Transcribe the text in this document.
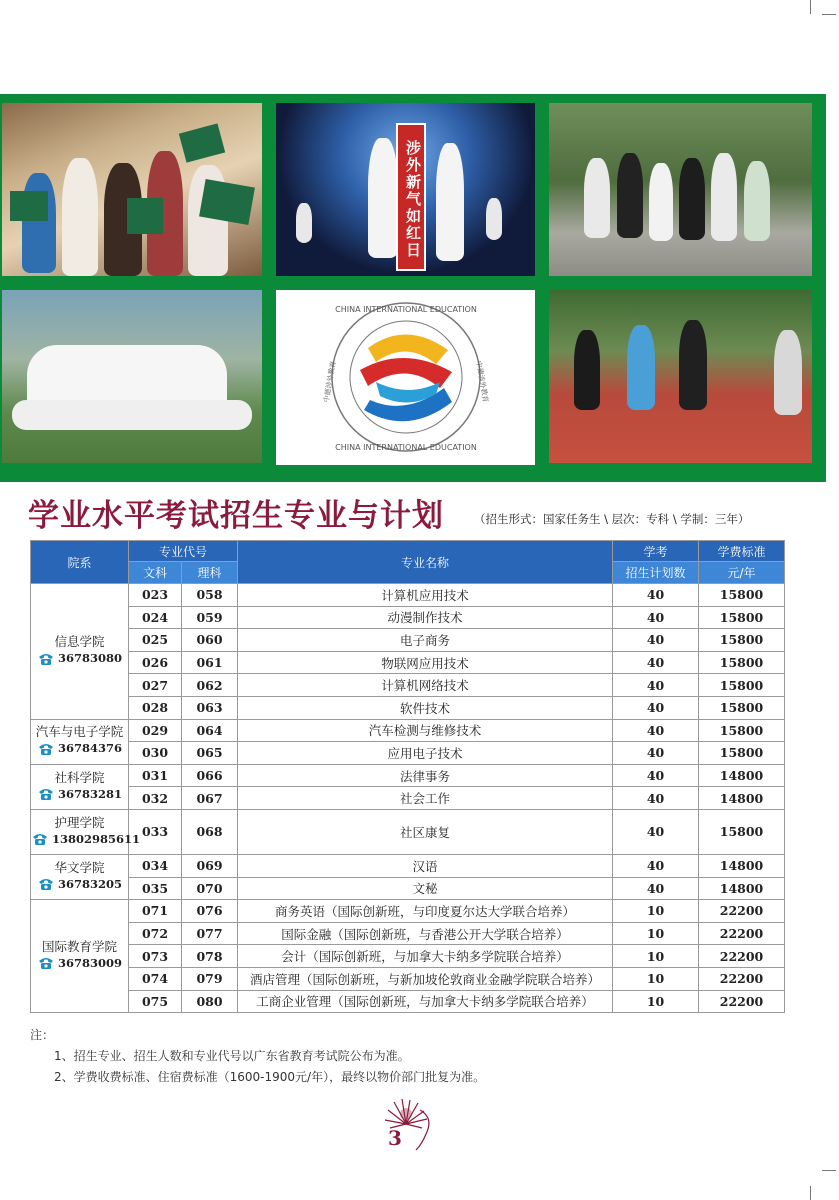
涉外新气如红日
CHINA INTERNATIONAL EDUCATION
CHINA INTERNATIONAL EDUCATION
中德涉外教育	中德涉外教育
学业水平考试招生专业与计划	（招生形式：国家任务生 \ 层次：专科 \ 学制：三年）
院系	专业代号		专业名称	学考	学费标准
	文科	理科		招生计划数	元/年

信息学院
36783080	023	058	计算机应用技术	40	15800
	024	059	动漫制作技术	40	15800
	025	060	电子商务	40	15800
	026	061	物联网应用技术	40	15800
	027	062	计算机网络技术	40	15800
	028	063	软件技术	40	15800

汽车与电子学院
36784376	029	064	汽车检测与维修技术	40	15800
	030	065	应用电子技术	40	15800

社科学院
36783281	031	066	法律事务	40	14800
	032	067	社会工作	40	14800

护理学院
13802985611	033	068	社区康复	40	15800

华文学院
36783205	034	069	汉语	40	14800
	035	070	文秘	40	14800

国际教育学院
36783009	071	076	商务英语（国际创新班，与印度夏尔达大学联合培养）	10	22200
	072	077	国际金融（国际创新班，与香港公开大学联合培养）	10	22200
	073	078	会计（国际创新班，与加拿大卡纳多学院联合培养）	10	22200
	074	079	酒店管理（国际创新班，与新加坡伦敦商业金融学院联合培养）	10	22200
	075	080	工商企业管理（国际创新班，与加拿大卡纳多学院联合培养）	10	22200
注：
1、招生专业、招生人数和专业代号以广东省教育考试院公布为准。
2、学费收费标准、住宿费标准（1600-1900元/年），最终以物价部门批复为准。
3
